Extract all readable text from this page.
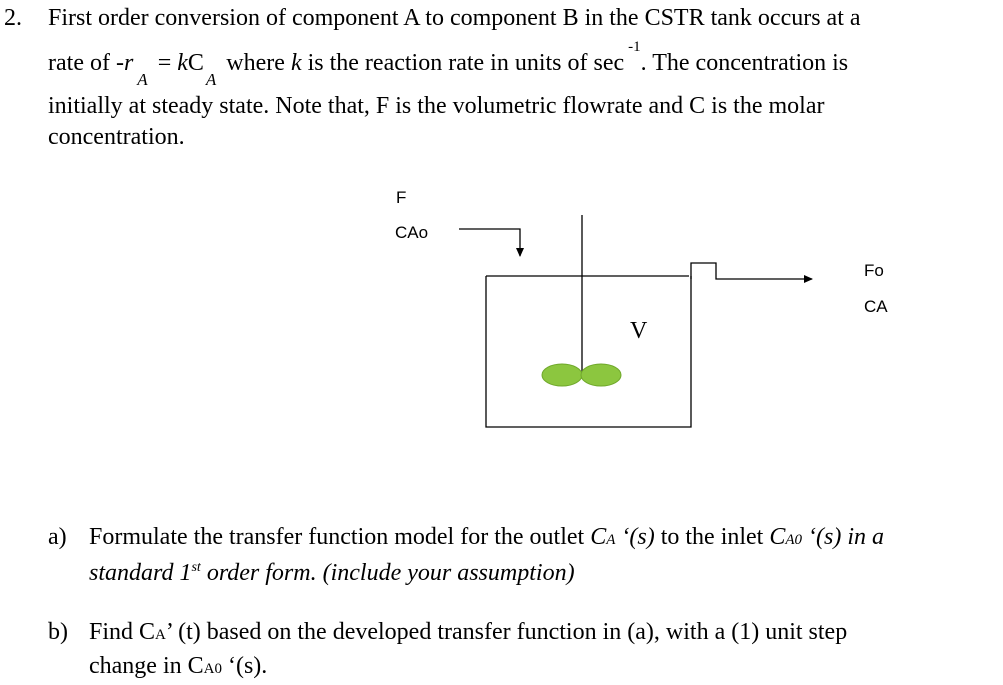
2. First order conversion of component A to component B in the CSTR tank occurs at a
rate of $-r_A= kC_A$ where k is the reaction rate in units of $\sec^{-1}$. The concentration is
initially at steady state. Note that, F is the volumetric flowrate and C is the molar
concentration.
F
CAo
Fo
CA
V
a) Formulate the transfer function model for the outlet CA ‘(s) to the inlet CA0 ‘(s) in a
standard 1st order form. (include your assumption)
b) Find CA’ (t) based on the developed transfer function in (a), with a (1) unit step
change in CA0 ‘(s).
